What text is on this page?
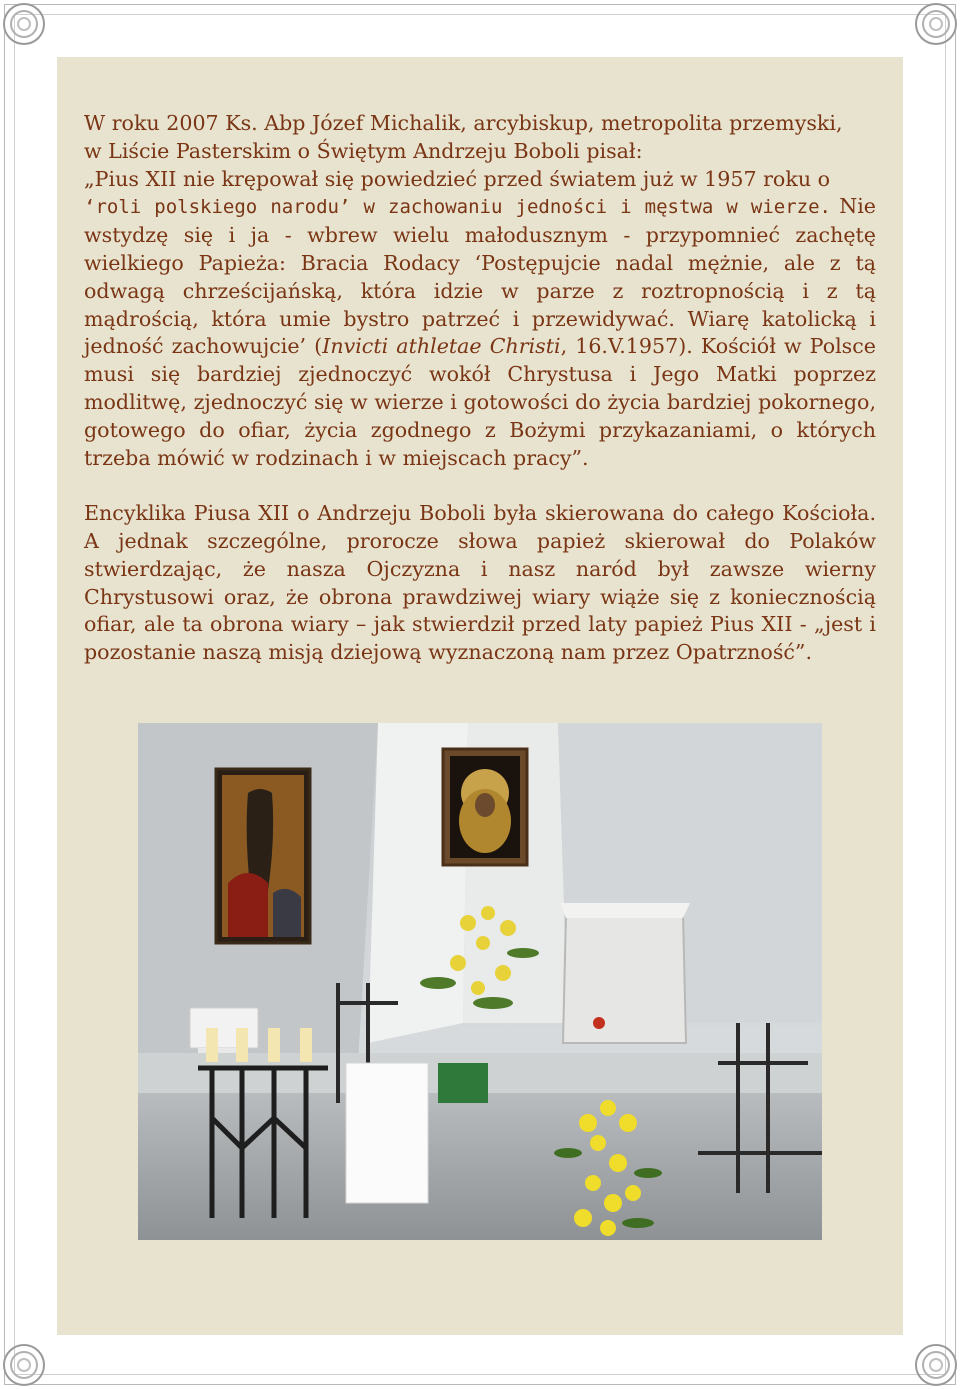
W roku 2007 Ks. Abp Józef Michalik, arcybiskup, metropolita przemyski,
w Liście Pasterskim o Świętym Andrzeju Boboli pisał:
„Pius XII nie krępował się powiedzieć przed światem już w 1957 roku o
‘roli polskiego narodu’ w zachowaniu jedności i męstwa w wierze. Nie wstydzę się i ja - wbrew wielu małodusznym - przypomnieć zachętę wielkiego Papieża: Bracia Rodacy ‘Postępujcie nadal mężnie, ale z tą odwagą chrześcijańską, która idzie w parze z roztropnością i z tą mądrością, która umie bystro patrzeć i przewidywać. Wiarę katolicką i jedność zachowujcie’ (Invicti athletae Christi, 16.V.1957). Kościół w Polsce musi się bardziej zjednoczyć wokół Chrystusa i Jego Matki poprzez modlitwę, zjednoczyć się w wierze i gotowości do życia bardziej pokornego, gotowego do ofiar, życia zgodnego z Bożymi przykazaniami, o których trzeba mówić w rodzinach i w miejscach pracy”.

Encyklika Piusa XII o Andrzeju Boboli była skierowana do całego Kościoła. A jednak szczególne, prorocze słowa papież skierował do Polaków stwierdzając, że nasza Ojczyzna i nasz naród był zawsze wierny Chrystusowi oraz, że obrona prawdziwej wiary wiąże się z koniecznością ofiar, ale ta obrona wiary – jak stwierdził przed laty papież Pius XII - „jest i pozostanie naszą misją dziejową wyznaczoną nam przez Opatrzność”.
